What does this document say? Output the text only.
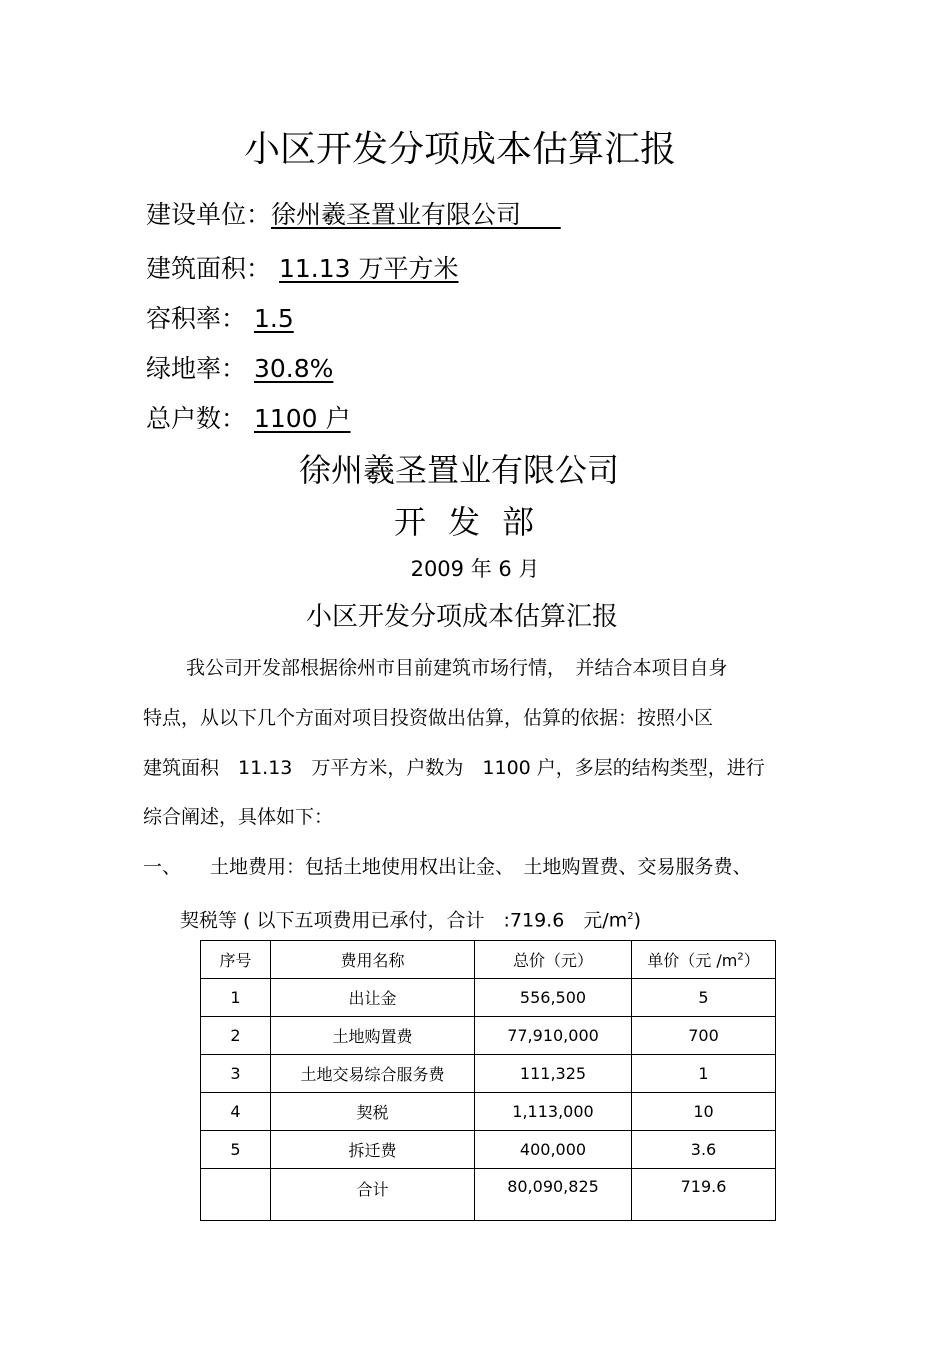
小区开发分项成本估算汇报
建设单位：徐州羲圣置业有限公司
建筑面积： 11.13 万平方米
容积率： 1.5
绿地率： 30.8%
总户数： 1100 户
徐州羲圣置业有限公司
开发部
2009 年 6 月
小区开发分项成本估算汇报
我公司开发部根据徐州市目前建筑市场行情，　并结合本项目自身
特点，从以下几个方面对项目投资做出估算，估算的依据：按照小区
建筑面积　11.13　万平方米，户数为　1100 户，多层的结构类型，进行
综合阐述，具体如下：
一、 土地费用：包括土地使用权出让金、　土地购置费、交易服务费、
契税等 ( 以下五项费用已承付，合计　:719.6　元$/m^2$)
序号	费用名称	总价（元）	单价（元 $/m^2$）
1	出让金	556,500	5
2	土地购置费	77,910,000	700
3	土地交易综合服务费	111,325	1
4	契税	1,113,000	10
5	拆迁费	400,000	3.6
	合计	80,090,825	719.6
